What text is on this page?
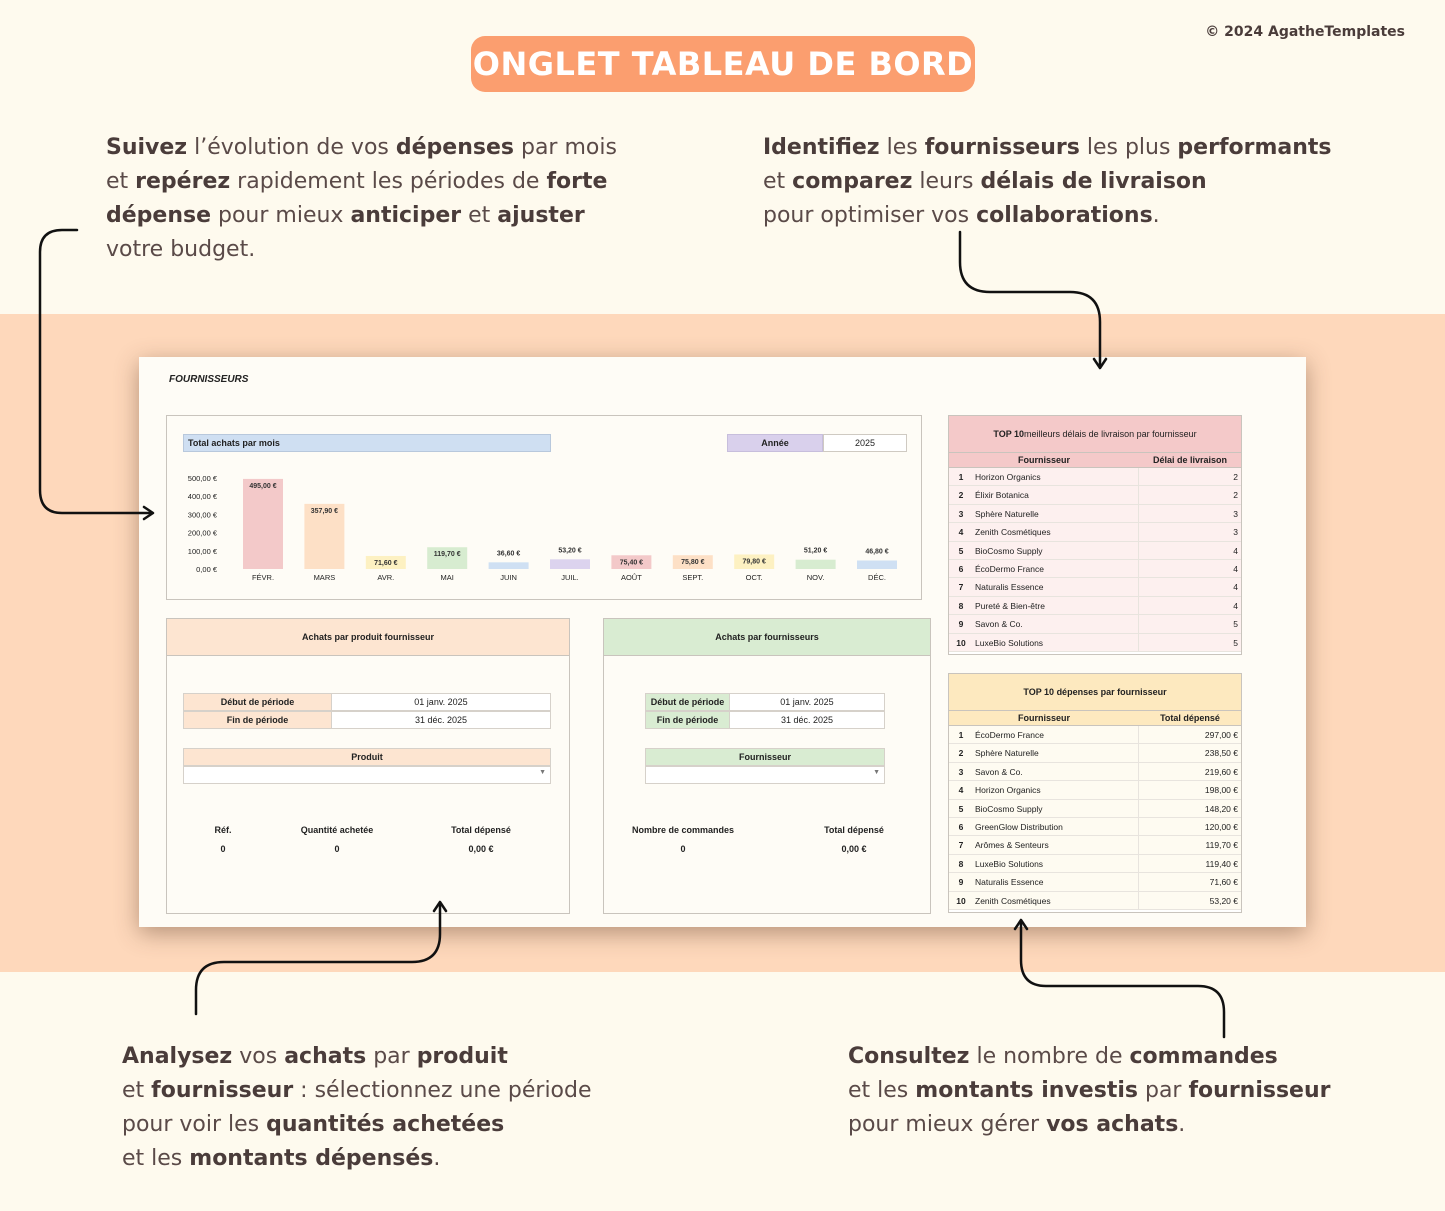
© 2024 AgatheTemplates
ONGLET TABLEAU DE BORD
Suivez l’évolution de vos dépenses par mois
et repérez rapidement les périodes de forte
dépense pour mieux anticiper et ajuster
votre budget.
Identifiez les fournisseurs les plus performants
et comparez leurs délais de livraison
pour optimiser vos collaborations.
Analysez vos achats par produit
et fournisseur : sélectionnez une période
pour voir les quantités achetées
et les montants dépensés.
Consultez le nombre de commandes
et les montants investis par fournisseur
pour mieux gérer vos achats.
FOURNISSEURS
Total achats par mois	Année	2025
0,00 €
100,00 €
200,00 €
300,00 €
400,00 €
500,00 €
495,00 €
FÉVR.
357,90 €
MARS
71,60 €
AVR.
119,70 €
MAI
36,60 €
JUIN
53,20 €
JUIL.
75,40 €
AOÛT
75,80 €
SEPT.
79,80 €
OCT.
51,20 €
NOV.
46,80 €
DÉC.
Achats par produit fournisseur
Début de période	01 janv. 2025
Fin de période	31 déc. 2025
Produit
▼
Réf.
0
Quantité achetée
0
Total dépensé
0,00 €
Achats par fournisseurs
Début de période	01 janv. 2025
Fin de période	31 déc. 2025
Fournisseur
▼
Nombre de commandes
0
Total dépensé
0,00 €
TOP 10 meilleurs délais de livraison par fournisseur
Fournisseur	Délai de livraison
1	Horizon Organics	2
2	Élixir Botanica	2
3	Sphère Naturelle	3
4	Zenith Cosmétiques	3
5	BioCosmo Supply	4
6	ÉcoDermo France	4
7	Naturalis Essence	4
8	Pureté & Bien-être	4
9	Savon & Co.	5
10	LuxeBio Solutions	5
TOP 10 dépenses par fournisseur
Fournisseur	Total dépensé
1	ÉcoDermo France	297,00 €
2	Sphère Naturelle	238,50 €
3	Savon & Co.	219,60 €
4	Horizon Organics	198,00 €
5	BioCosmo Supply	148,20 €
6	GreenGlow Distribution	120,00 €
7	Arômes & Senteurs	119,70 €
8	LuxeBio Solutions	119,40 €
9	Naturalis Essence	71,60 €
10	Zenith Cosmétiques	53,20 €
